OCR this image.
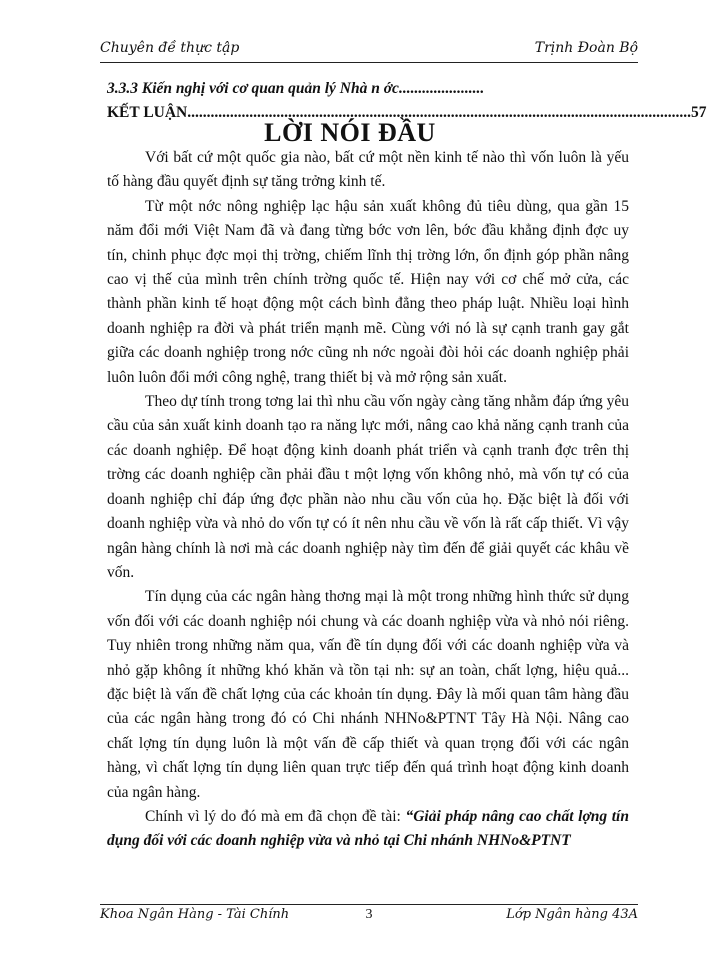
Chuyên đề thực tập	Trịnh Đoàn Bộ
3.3.3 Kiến nghị với cơ quan quản lý Nhà n ớc......................
KẾT LUẬN .................................................................................................................................. 57
LỜI NÓI ĐẦU

Với bất cứ một quốc gia nào, bất cứ một nền kinh tế nào thì vốn luôn là yếu tố hàng đầu quyết định sự tăng trởng kinh tế.

Từ một nớc nông nghiệp lạc hậu sản xuất không đủ tiêu dùng, qua gần 15 năm đổi mới Việt Nam đã và đang từng bớc vơn lên, bớc đầu khẳng định đợc uy tín, chinh phục đợc mọi thị trờng, chiếm lĩnh thị trờng lớn, ổn định góp phần nâng cao vị thế của mình trên chính trờng quốc tế. Hiện nay với cơ chế mở cửa, các thành phần kinh tế hoạt động một cách bình đẳng theo pháp luật. Nhiều loại hình doanh nghiệp ra đời và phát triển mạnh mẽ. Cùng với nó là sự cạnh tranh gay gắt giữa các doanh nghiệp trong nớc cũng nh nớc ngoài đòi hỏi các doanh nghiệp phải luôn luôn đổi mới công nghệ, trang thiết bị và mở rộng sản xuất.

Theo dự tính trong tơng lai thì nhu cầu vốn ngày càng tăng nhằm đáp ứng yêu cầu của sản xuất kinh doanh tạo ra năng lực mới, nâng cao khả năng cạnh tranh của các doanh nghiệp. Để hoạt động kinh doanh phát triển và cạnh tranh đợc trên thị trờng các doanh nghiệp cần phải đầu t một lợng vốn không nhỏ, mà vốn tự có của doanh nghiệp chỉ đáp ứng đợc phần nào nhu cầu vốn của họ. Đặc biệt là đối với doanh nghiệp vừa và nhỏ do vốn tự có ít nên nhu cầu về vốn là rất cấp thiết. Vì vậy ngân hàng chính là nơi mà các doanh nghiệp này tìm đến để giải quyết các khâu về vốn.

Tín dụng của các ngân hàng thơng mại là một trong những hình thức sử dụng vốn đối với các doanh nghiệp nói chung và các doanh nghiệp vừa và nhỏ nói riêng. Tuy nhiên trong những năm qua, vấn đề tín dụng đối với các doanh nghiệp vừa và nhỏ gặp không ít những khó khăn và tồn tại nh: sự an toàn, chất lợng, hiệu quả... đặc biệt là vấn đề chất lợng của các khoản tín dụng. Đây là mối quan tâm hàng đầu của các ngân hàng trong đó có Chi nhánh NHNo&PTNT Tây Hà Nội. Nâng cao chất lợng tín dụng luôn là một vấn đề cấp thiết và quan trọng đối với các ngân hàng, vì chất lợng tín dụng liên quan trực tiếp đến quá trình hoạt động kinh doanh của ngân hàng.

Chính vì lý do đó mà em đã chọn đề tài: “Giải pháp nâng cao chất lợng tín dụng đối với các doanh nghiệp vừa và nhỏ tại Chi nhánh NHNo&PTNT

Khoa Ngân Hàng - Tài Chính	3	Lớp Ngân hàng 43A
